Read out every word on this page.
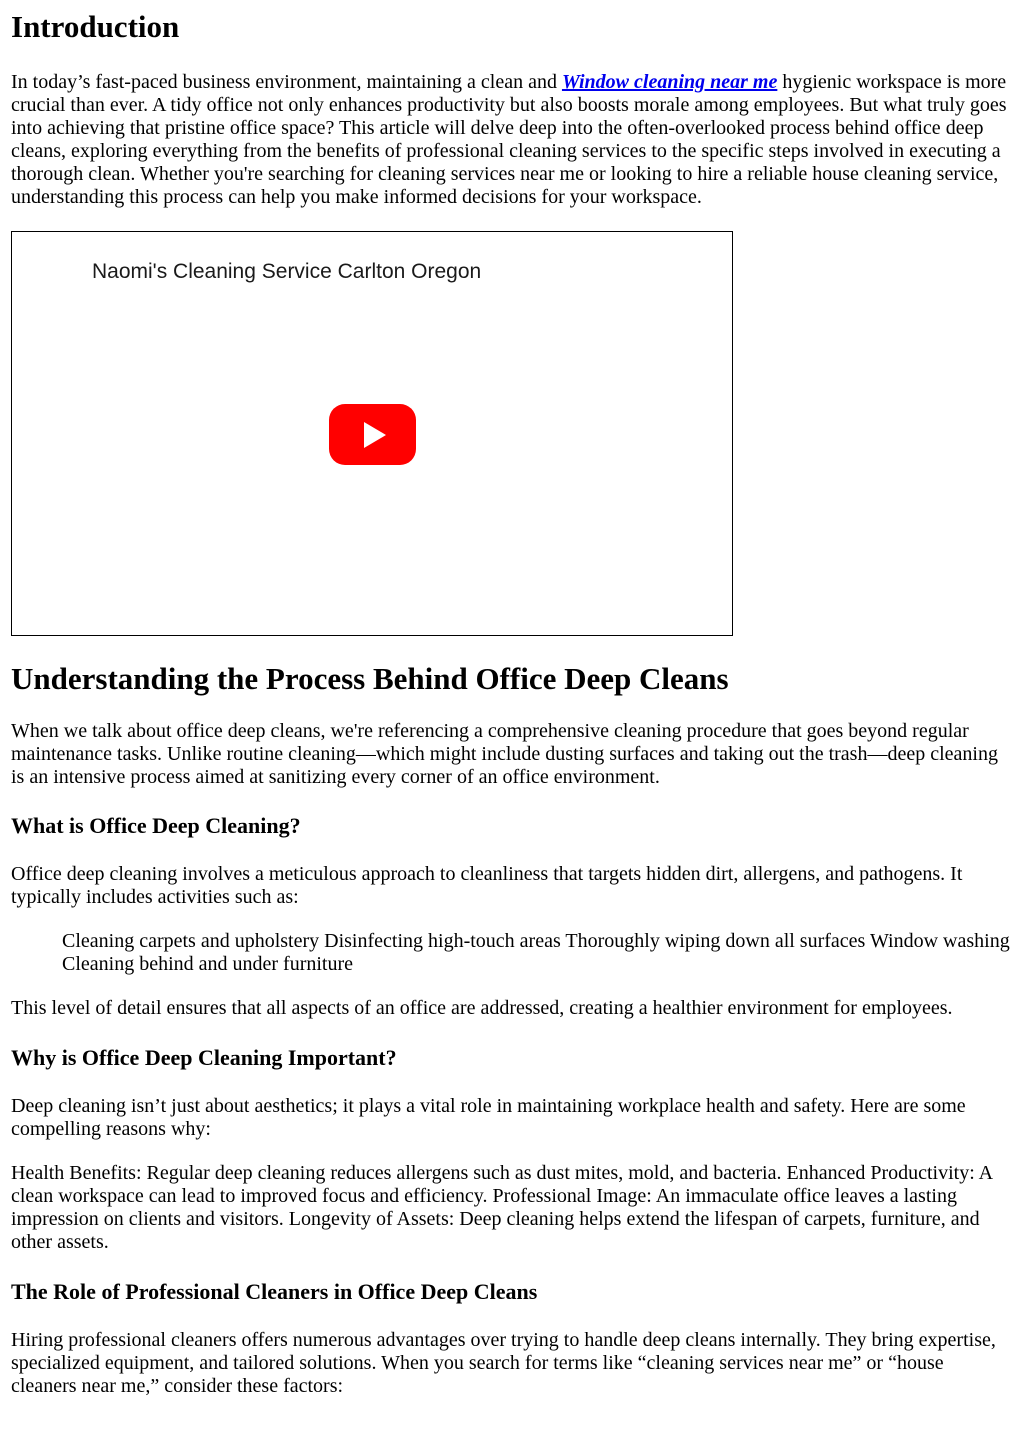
Introduction

In today’s fast-paced business environment, maintaining a clean and Window cleaning near me hygienic workspace is more crucial than ever. A tidy office not only enhances productivity but also boosts morale among employees. But what truly goes into achieving that pristine office space? This article will delve deep into the often-overlooked process behind office deep cleans, exploring everything from the benefits of professional cleaning services to the specific steps involved in executing a thorough clean. Whether you're searching for cleaning services near me or looking to hire a reliable house cleaning service, understanding this process can help you make informed decisions for your workspace.

Naomi's Cleaning Service Carlton Oregon
Understanding the Process Behind Office Deep Cleans

When we talk about office deep cleans, we're referencing a comprehensive cleaning procedure that goes beyond regular maintenance tasks. Unlike routine cleaning—which might include dusting surfaces and taking out the trash—deep cleaning is an intensive process aimed at sanitizing every corner of an office environment.

What is Office Deep Cleaning?

Office deep cleaning involves a meticulous approach to cleanliness that targets hidden dirt, allergens, and pathogens. It typically includes activities such as:

Cleaning carpets and upholstery Disinfecting high-touch areas Thoroughly wiping down all surfaces Window washing Cleaning behind and under furniture

This level of detail ensures that all aspects of an office are addressed, creating a healthier environment for employees.

Why is Office Deep Cleaning Important?

Deep cleaning isn’t just about aesthetics; it plays a vital role in maintaining workplace health and safety. Here are some compelling reasons why:

Health Benefits: Regular deep cleaning reduces allergens such as dust mites, mold, and bacteria. Enhanced Productivity: A clean workspace can lead to improved focus and efficiency. Professional Image: An immaculate office leaves a lasting impression on clients and visitors. Longevity of Assets: Deep cleaning helps extend the lifespan of carpets, furniture, and other assets.

The Role of Professional Cleaners in Office Deep Cleans

Hiring professional cleaners offers numerous advantages over trying to handle deep cleans internally. They bring expertise, specialized equipment, and tailored solutions. When you search for terms like “cleaning services near me” or “house cleaners near me,” consider these factors:
